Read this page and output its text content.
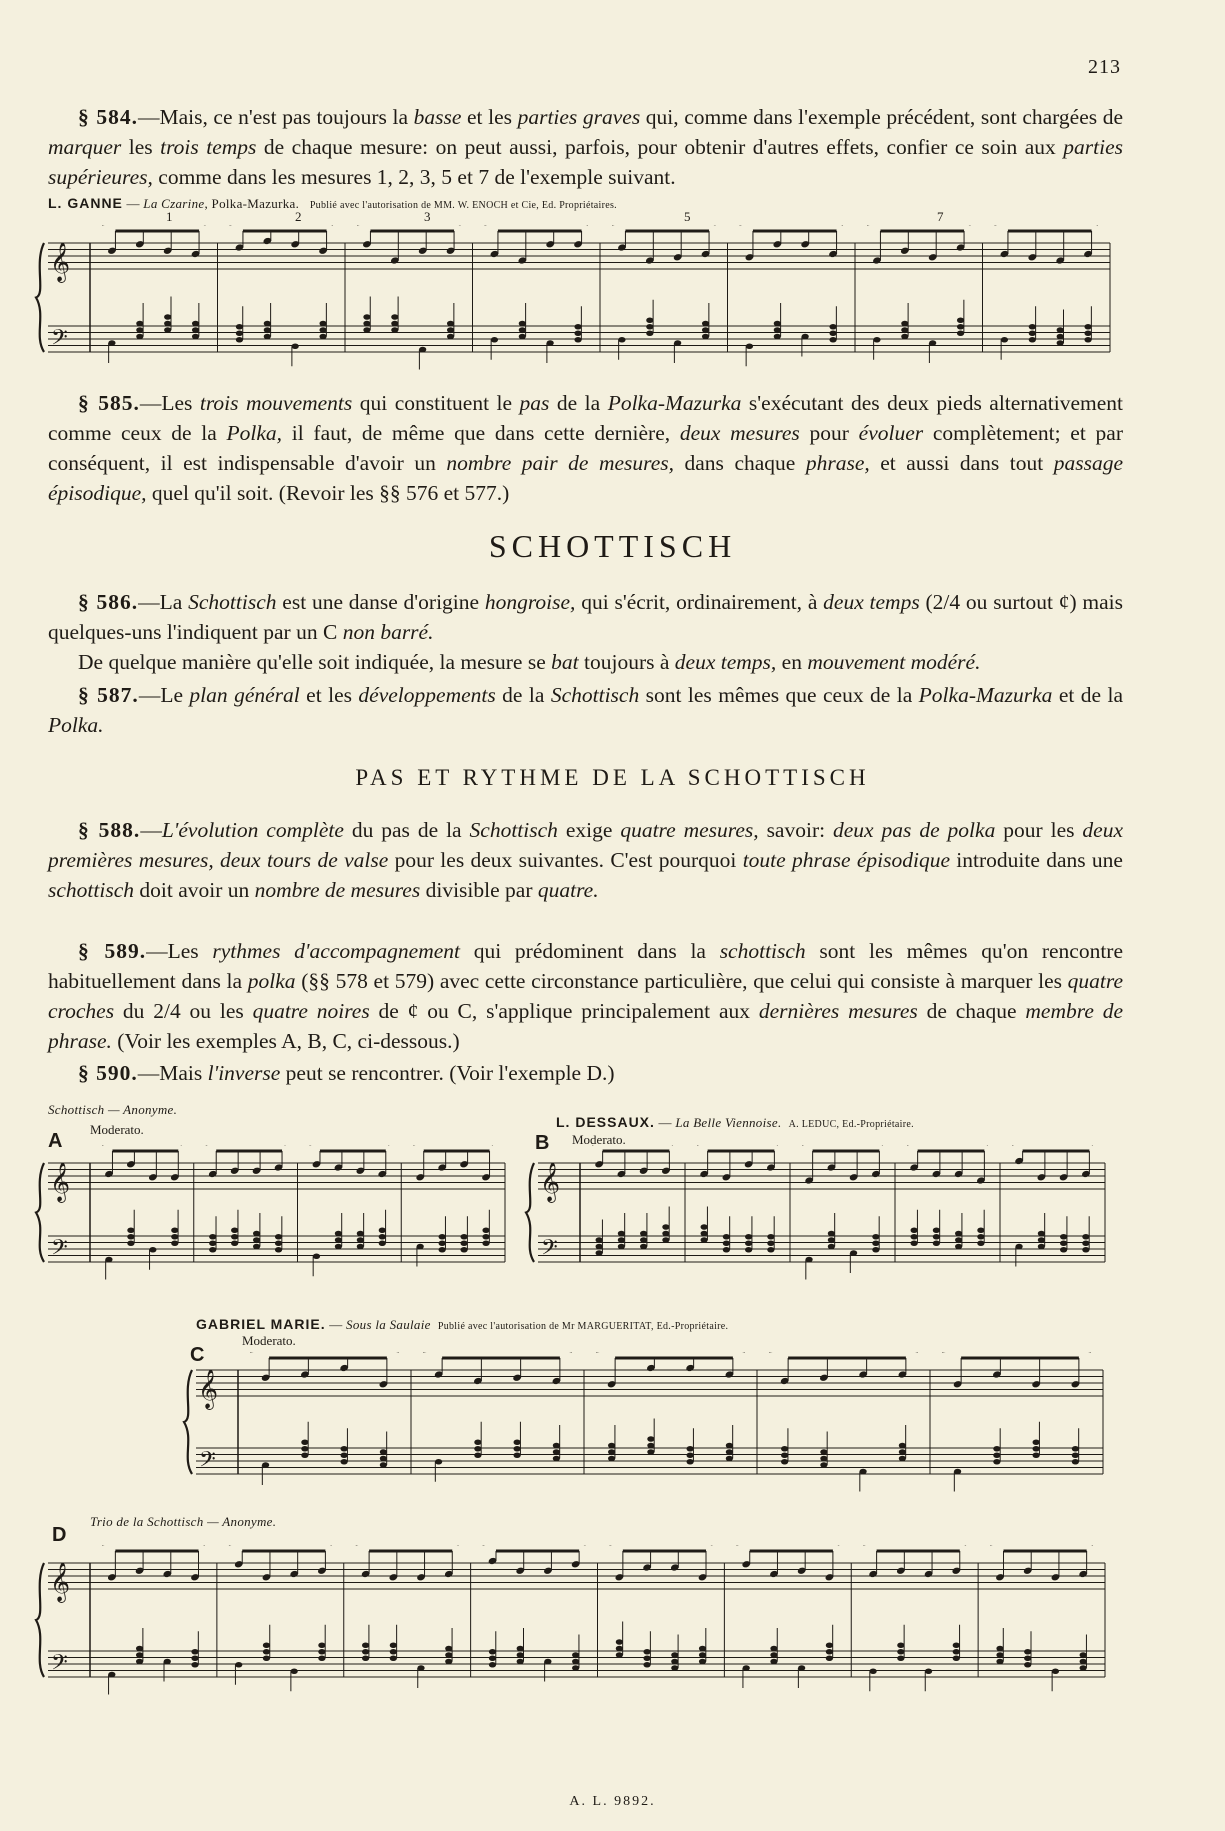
213

§ 584.—Mais, ce n'est pas toujours la basse et les parties graves qui, comme dans l'exemple précédent, sont chargées de marquer les trois temps de chaque mesure: on peut aussi, parfois, pour obtenir d'autres effets, confier ce soin aux parties supérieures, comme dans les mesures 1, 2, 3, 5 et 7 de l'exemple suivant.

L. GANNE — La Czarine, Polka-Mazurka. Publié avec l'autorisation de MM. W. ENOCH et Cie, Ed. Propriétaires.
1	2	3	5	7
𝄞
𝄢

§ 585.—Les trois mouvements qui constituent le pas de la Polka-Mazurka s'exécutant des deux pieds alternativement comme ceux de la Polka, il faut, de même que dans cette dernière, deux mesures pour évoluer complètement; et par conséquent, il est indispensable d'avoir un nombre pair de mesures, dans chaque phrase, et aussi dans tout passage épisodique, quel qu'il soit. (Revoir les §§ 576 et 577.)

SCHOTTISCH

§ 586.—La Schottisch est une danse d'origine hongroise, qui s'écrit, ordinairement, à deux temps (2/4 ou surtout ¢) mais quelques-uns l'indiquent par un C non barré.

De quelque manière qu'elle soit indiquée, la mesure se bat toujours à deux temps, en mouvement modéré.

§ 587.—Le plan général et les développements de la Schottisch sont les mêmes que ceux de la Polka-Mazurka et de la Polka.

PAS ET RYTHME DE LA SCHOTTISCH

§ 588.—L'évolution complète du pas de la Schottisch exige quatre mesures, savoir: deux pas de polka pour les deux premières mesures, deux tours de valse pour les deux suivantes. C'est pourquoi toute phrase épisodique introduite dans une schottisch doit avoir un nombre de mesures divisible par quatre.

§ 589.—Les rythmes d'accompagnement qui prédominent dans la schottisch sont les mêmes qu'on rencontre habituellement dans la polka (§§ 578 et 579) avec cette circonstance particulière, que celui qui consiste à marquer les quatre croches du 2/4 ou les quatre noires de ¢ ou C, s'applique principalement aux dernières mesures de chaque membre de phrase. (Voir les exemples A, B, C, ci-dessous.)

§ 590.—Mais l'inverse peut se rencontrer. (Voir l'exemple D.)

Schottisch — Anonyme.
A
Moderato.
𝄞
𝄢
L. DESSAUX. — La Belle Viennoise. A. LEDUC, Ed.-Propriétaire.
B Moderato.
𝄞
𝄢
GABRIEL MARIE. — Sous la Saulaie Publié avec l'autorisation de Mr MARGUERITAT, Ed.-Propriétaire.
C
Moderato.
𝄞
𝄢
Trio de la Schottisch — Anonyme.
D
𝄞
𝄢
A. L. 9892.
